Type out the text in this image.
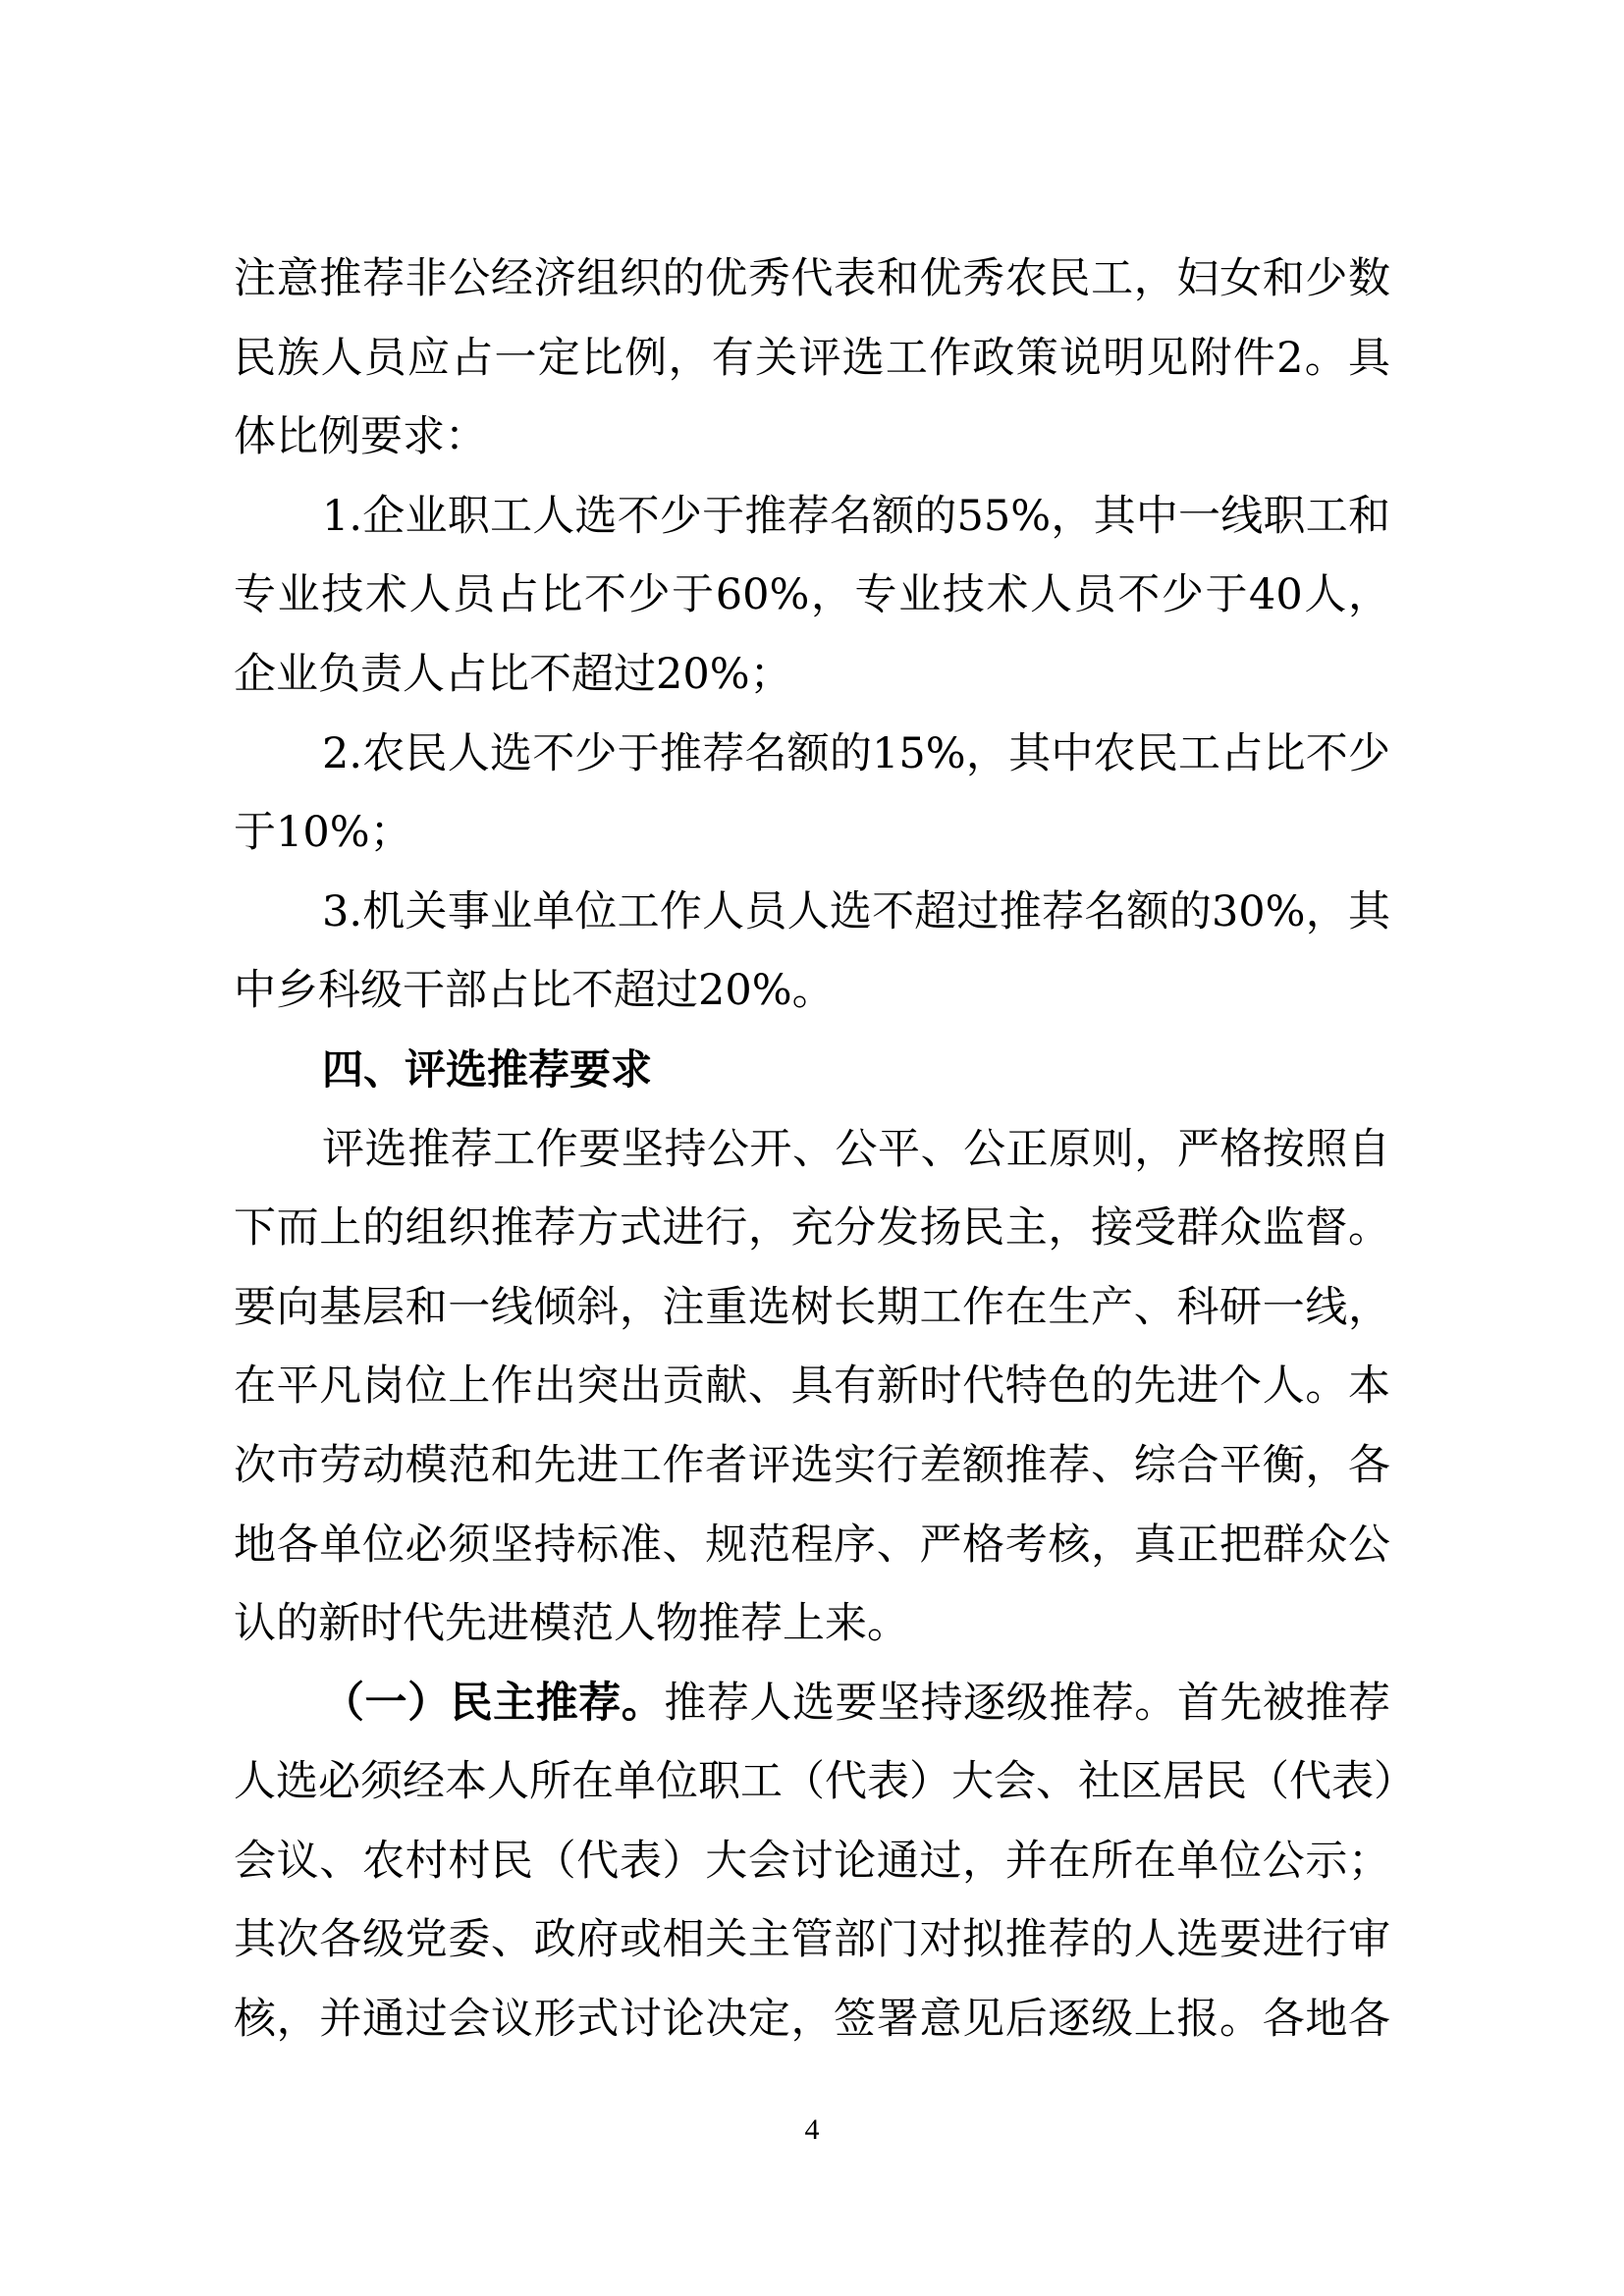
注意推荐非公经济组织的优秀代表和优秀农民工，妇女和少数
民族人员应占一定比例，有关评选工作政策说明见附件2。具
体比例要求：
1.企业职工人选不少于推荐名额的55%，其中一线职工和
专业技术人员占比不少于60%，专业技术人员不少于40人，
企业负责人占比不超过20%；
2.农民人选不少于推荐名额的15%，其中农民工占比不少
于10%；
3.机关事业单位工作人员人选不超过推荐名额的30%，其
中乡科级干部占比不超过20%。
四、评选推荐要求
评选推荐工作要坚持公开、公平、公正原则，严格按照自
下而上的组织推荐方式进行，充分发扬民主，接受群众监督。
要向基层和一线倾斜，注重选树长期工作在生产、科研一线，
在平凡岗位上作出突出贡献、具有新时代特色的先进个人。本
次市劳动模范和先进工作者评选实行差额推荐、综合平衡，各
地各单位必须坚持标准、规范程序、严格考核，真正把群众公
认的新时代先进模范人物推荐上来。
（一）民主推荐。推荐人选要坚持逐级推荐。首先被推荐
人选必须经本人所在单位职工（代表）大会、社区居民（代表）
会议、农村村民（代表）大会讨论通过，并在所在单位公示；
其次各级党委、政府或相关主管部门对拟推荐的人选要进行审
核，并通过会议形式讨论决定，签署意见后逐级上报。各地各
4
